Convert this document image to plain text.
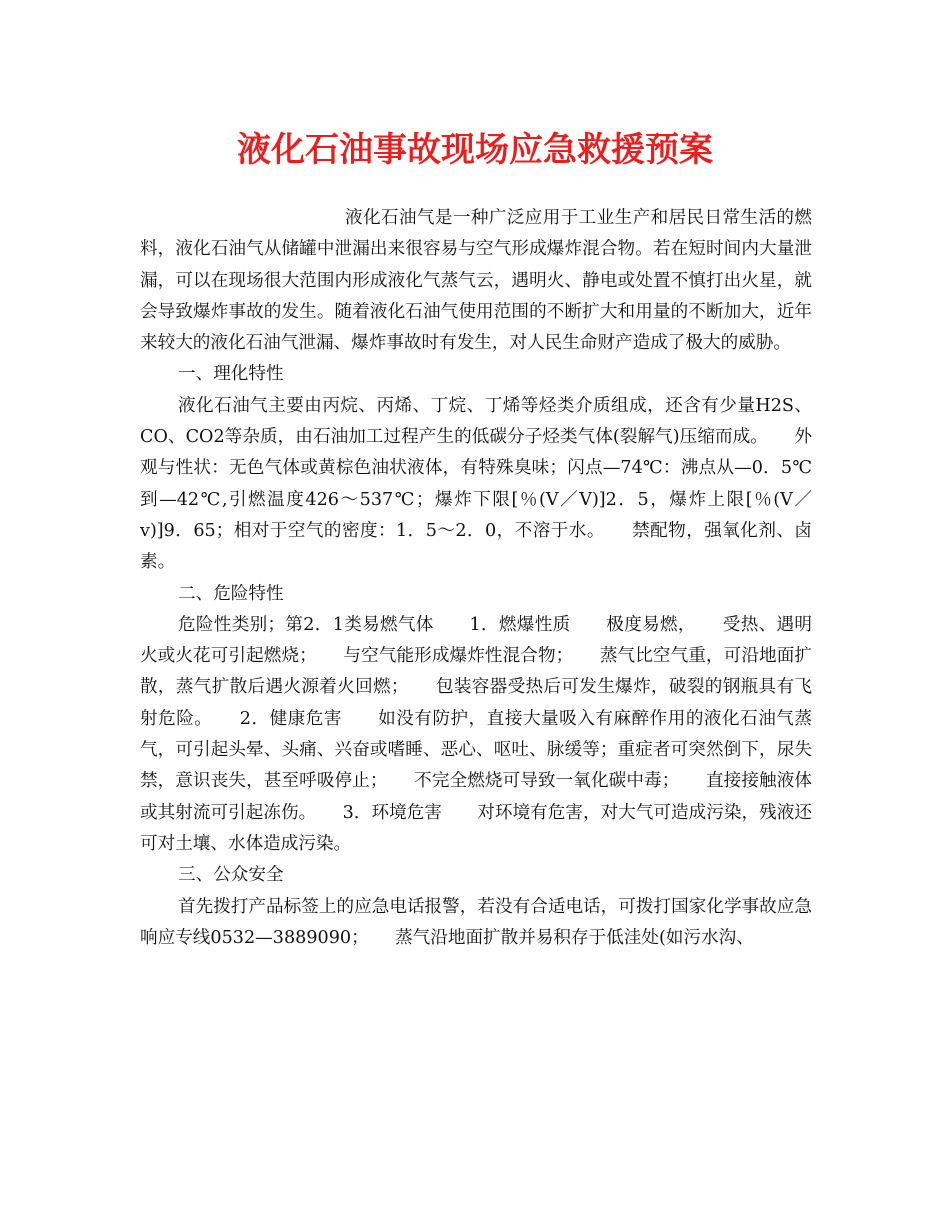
液化石油事故现场应急救援预案

液化石油气是一种广泛应用于工业生产和居民日常生活的燃料，液化石油气从储罐中泄漏出来很容易与空气形成爆炸混合物。若在短时间内大量泄漏，可以在现场很大范围内形成液化气蒸气云，遇明火、静电或处置不慎打出火星，就会导致爆炸事故的发生。随着液化石油气使用范围的不断扩大和用量的不断加大，近年来较大的液化石油气泄漏、爆炸事故时有发生，对人民生命财产造成了极大的威胁。

一、理化特性

液化石油气主要由丙烷、丙烯、丁烷、丁烯等烃类介质组成，还含有少量H2S、CO、CO2等杂质，由石油加工过程产生的低碳分子烃类气体(裂解气)压缩而成。　　外观与性状：无色气体或黄棕色油状液体，有特殊臭味；闪点—74℃：沸点从—0．5℃到—42℃,引燃温度426～537℃；爆炸下限[％(V／V)]2．5，爆炸上限[％(V／v)]9．65；相对于空气的密度：1．5～2．0，不溶于水。　　禁配物，强氧化剂、卤素。

二、危险特性

危险性类别；第2．1类易燃气体　　1．燃爆性质　　极度易燃，　　受热、遇明火或火花可引起燃烧；　　与空气能形成爆炸性混合物；　　蒸气比空气重，可沿地面扩散，蒸气扩散后遇火源着火回燃；　　包装容器受热后可发生爆炸，破裂的钢瓶具有飞射危险。　　2．健康危害　　如没有防护，直接大量吸入有麻醉作用的液化石油气蒸气，可引起头晕、头痛、兴奋或嗜睡、恶心、呕吐、脉缓等；重症者可突然倒下，尿失禁，意识丧失，甚至呼吸停止；　　不完全燃烧可导致一氧化碳中毒；　　直接接触液体或其射流可引起冻伤。　　3．环境危害　　对环境有危害，对大气可造成污染，残液还可对土壤、水体造成污染。

三、公众安全

首先拨打产品标签上的应急电话报警，若没有合适电话，可拨打国家化学事故应急响应专线0532—3889090；　　蒸气沿地面扩散并易积存于低洼处(如污水沟、
